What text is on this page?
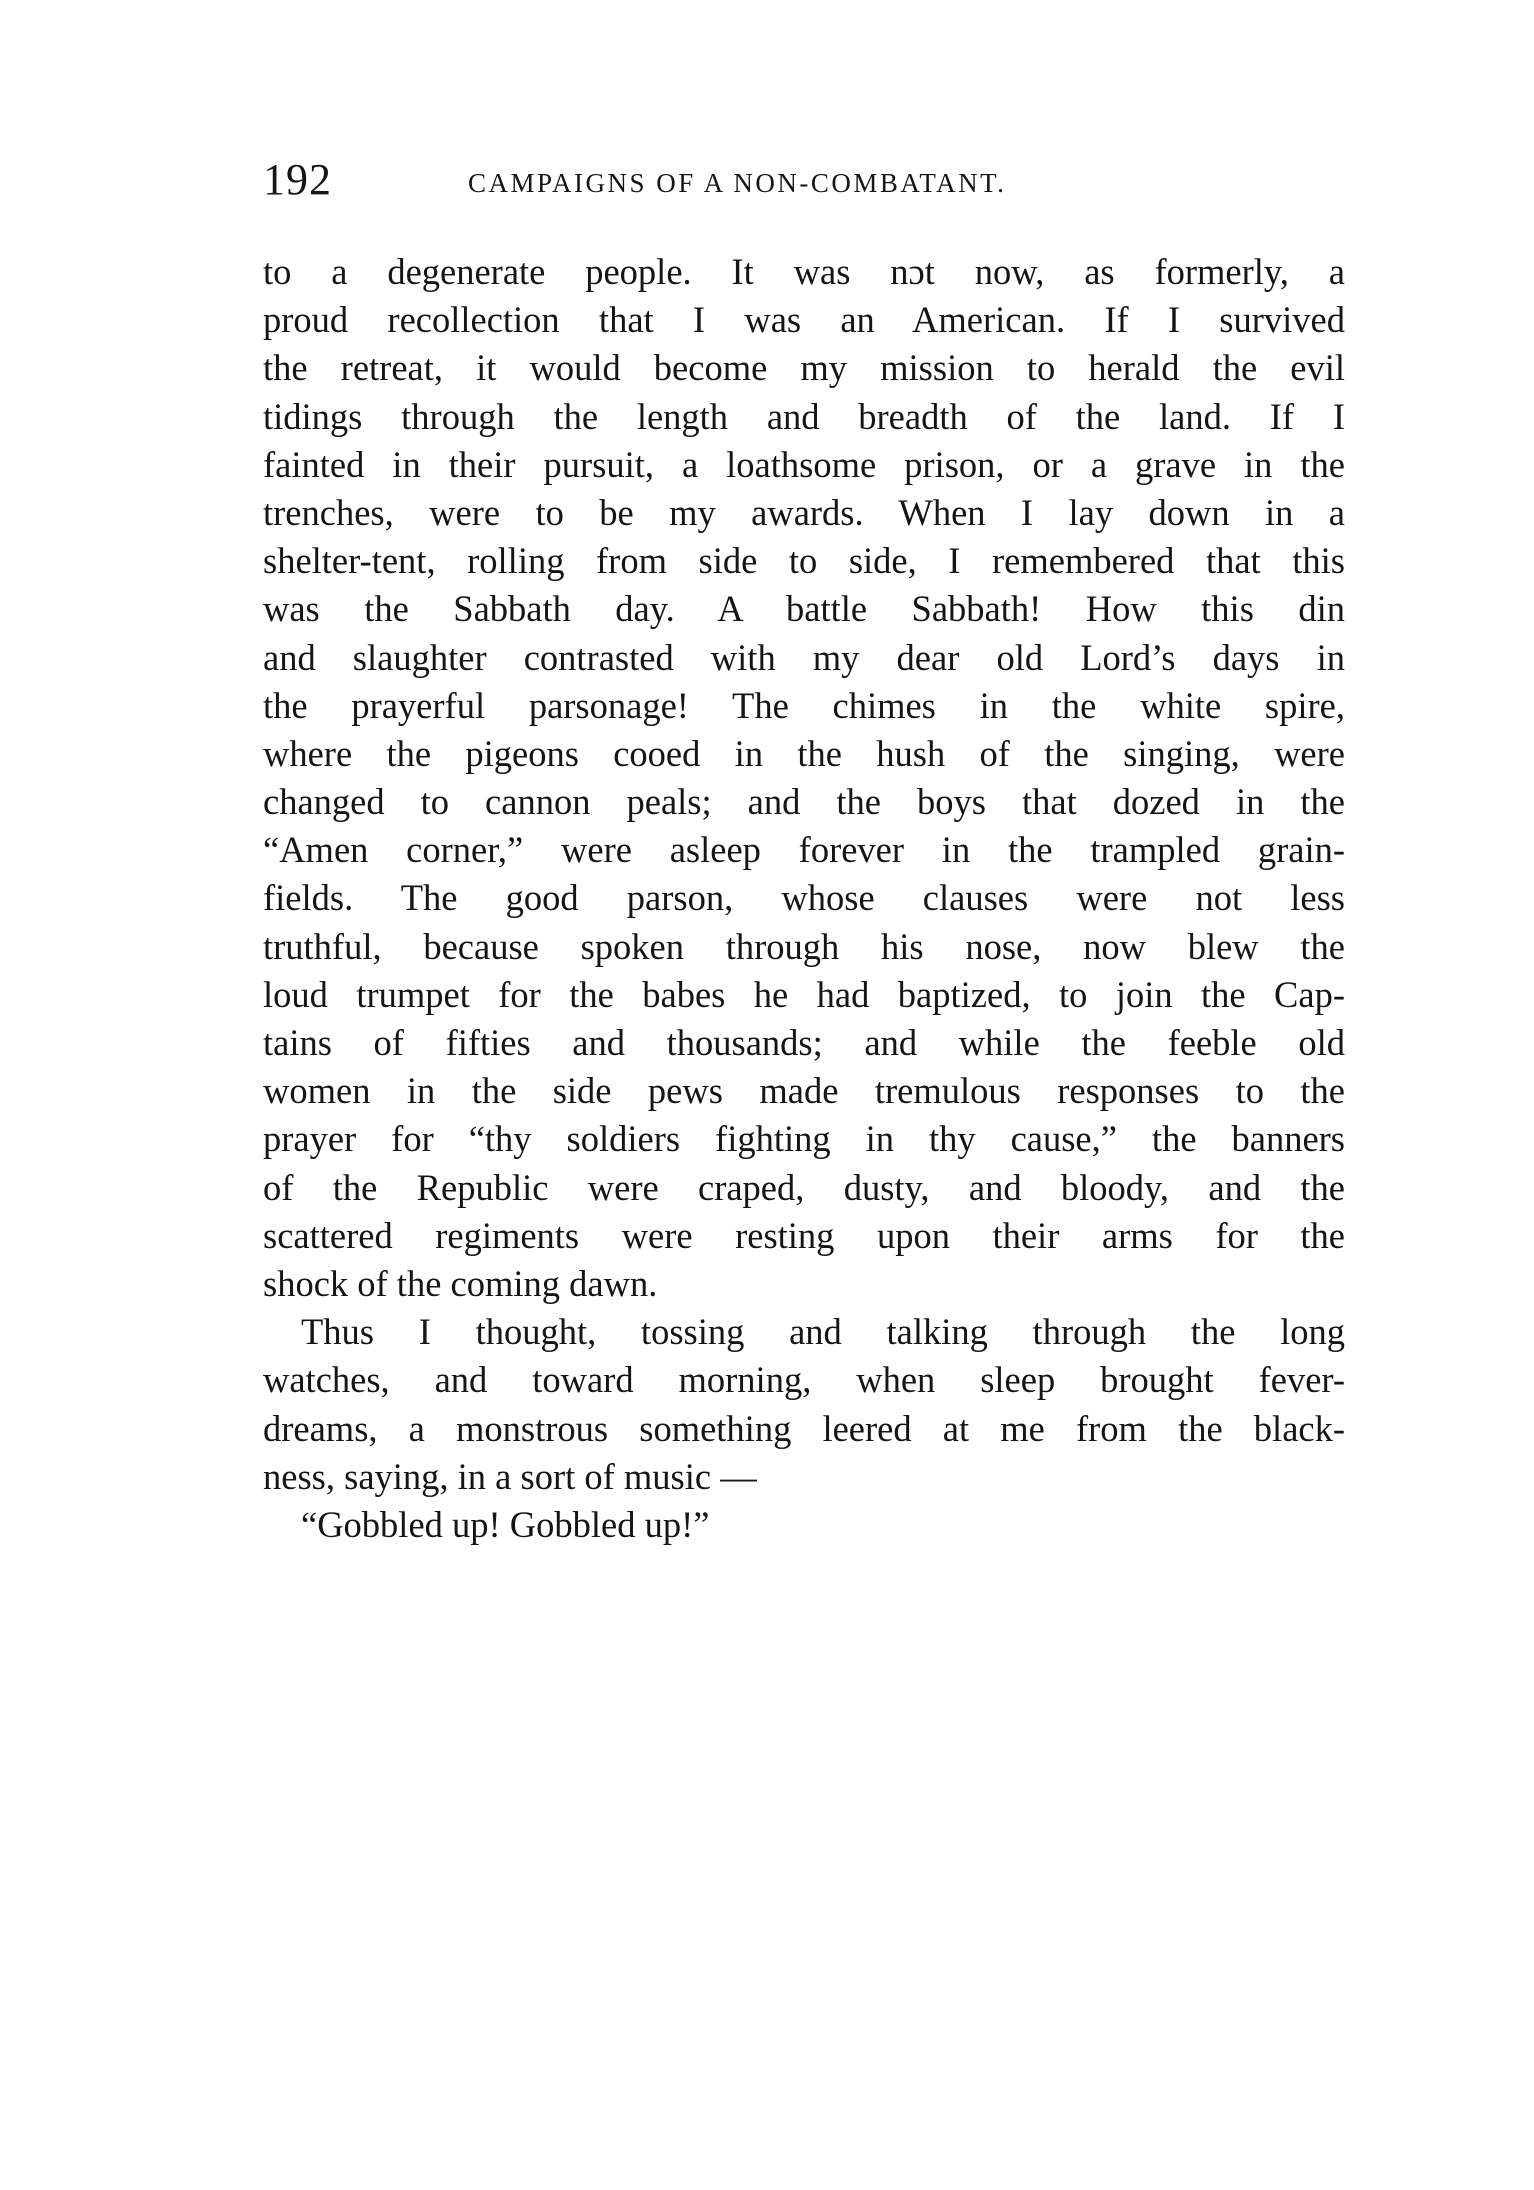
192	CAMPAIGNS OF A NON-COMBATANT.
to a degenerate people. It was nɔt now, as formerly, a
proud recollection that I was an American. If I survived
the retreat, it would become my mission to herald the evil
tidings through the length and breadth of the land. If I
fainted in their pursuit, a loathsome prison, or a grave in the
trenches, were to be my awards. When I lay down in a
shelter-tent, rolling from side to side, I remembered that this
was the Sabbath day. A battle Sabbath! How this din
and slaughter contrasted with my dear old Lord’s days in
the prayerful parsonage! The chimes in the white spire,
where the pigeons cooed in the hush of the singing, were
changed to cannon peals; and the boys that dozed in the
“Amen corner,” were asleep forever in the trampled grain-
fields. The good parson, whose clauses were not less
truthful, because spoken through his nose, now blew the
loud trumpet for the babes he had baptized, to join the Cap-
tains of fifties and thousands; and while the feeble old
women in the side pews made tremulous responses to the
prayer for “thy soldiers fighting in thy cause,” the banners
of the Republic were craped, dusty, and bloody, and the
scattered regiments were resting upon their arms for the
shock of the coming dawn.
Thus I thought, tossing and talking through the long
watches, and toward morning, when sleep brought fever-
dreams, a monstrous something leered at me from the black-
ness, saying, in a sort of music —
“Gobbled up! Gobbled up!”
